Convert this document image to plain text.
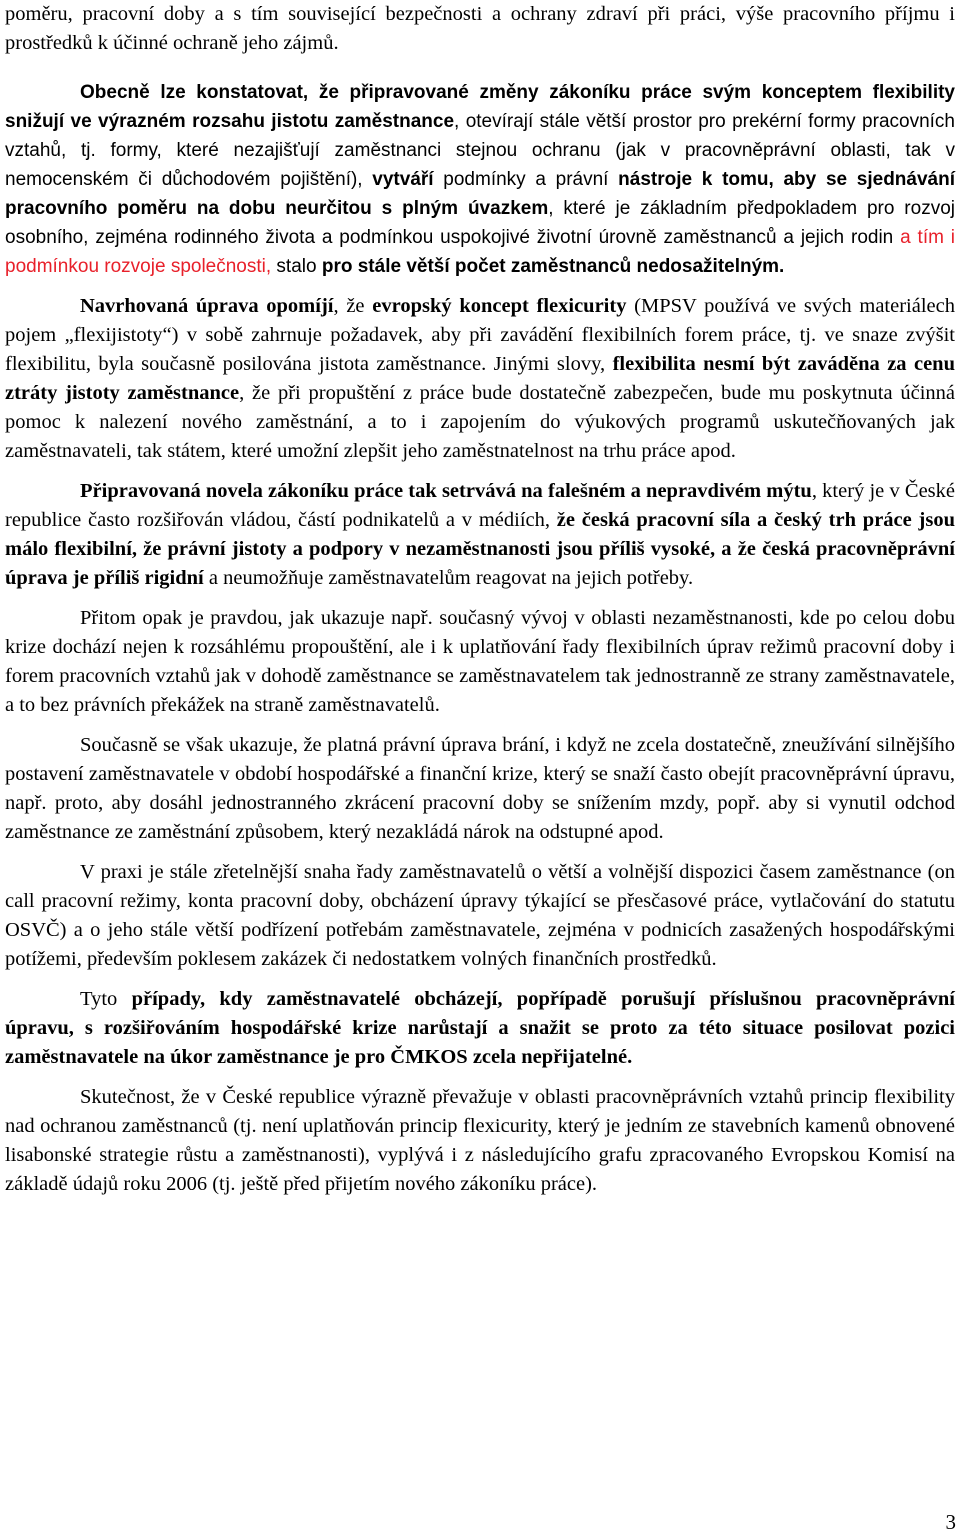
poměru, pracovní doby a s tím související bezpečnosti a ochrany zdraví při práci, výše pracovního příjmu i prostředků k účinné ochraně jeho zájmů.

Obecně lze konstatovat, že připravované změny zákoníku práce svým konceptem flexibility snižují ve výrazném rozsahu jistotu zaměstnance, otevírají stále větší prostor pro prekérní formy pracovních vztahů, tj. formy, které nezajišťují zaměstnanci stejnou ochranu (jak v pracovněprávní oblasti, tak v nemocenském či důchodovém pojištění), vytváří podmínky a právní nástroje k tomu, aby se sjednávání pracovního poměru na dobu neurčitou s plným úvazkem, které je základním předpokladem pro rozvoj osobního, zejména rodinného života a podmínkou uspokojivé životní úrovně zaměstnanců a jejich rodin a tím i podmínkou rozvoje společnosti, stalo pro stále větší počet zaměstnanců nedosažitelným.

Navrhovaná úprava opomíjí, že evropský koncept flexicurity (MPSV používá ve svých materiálech pojem „flexijistoty“) v sobě zahrnuje požadavek, aby při zavádění flexibilních forem práce, tj. ve snaze zvýšit flexibilitu, byla současně posilována jistota zaměstnance. Jinými slovy, flexibilita nesmí být zaváděna za cenu ztráty jistoty zaměstnance, že při propuštění z práce bude dostatečně zabezpečen, bude mu poskytnuta účinná pomoc k nalezení nového zaměstnání, a to i zapojením do výukových programů uskutečňovaných jak zaměstnavateli, tak státem, které umožní zlepšit jeho zaměstnatelnost na trhu práce apod.

Připravovaná novela zákoníku práce tak setrvává na falešném a nepravdivém mýtu, který je v České republice často rozšiřován vládou, částí podnikatelů a v médiích, že česká pracovní síla a český trh práce jsou málo flexibilní, že právní jistoty a podpory v nezaměstnanosti jsou příliš vysoké, a že česká pracovněprávní úprava je příliš rigidní a neumožňuje zaměstnavatelům reagovat na jejich potřeby.

Přitom opak je pravdou, jak ukazuje např. současný vývoj v oblasti nezaměstnanosti, kde po celou dobu krize dochází nejen k rozsáhlému propouštění, ale i k uplatňování řady flexibilních úprav režimů pracovní doby i forem pracovních vztahů jak v dohodě zaměstnance se zaměstnavatelem tak jednostranně ze strany zaměstnavatele, a to bez právních překážek na straně zaměstnavatelů.

Současně se však ukazuje, že platná právní úprava brání, i když ne zcela dostatečně, zneužívání silnějšího postavení zaměstnavatele v období hospodářské a finanční krize, který se snaží často obejít pracovněprávní úpravu, např. proto, aby dosáhl jednostranného zkrácení pracovní doby se snížením mzdy, popř. aby si vynutil odchod zaměstnance ze zaměstnání způsobem, který nezakládá nárok na odstupné apod.

V praxi je stále zřetelnější snaha řady zaměstnavatelů o větší a volnější dispozici časem zaměstnance (on call pracovní režimy, konta pracovní doby, obcházení úpravy týkající se přesčasové práce, vytlačování do statutu OSVČ) a o jeho stále větší podřízení potřebám zaměstnavatele, zejména v podnicích zasažených hospodářskými potížemi, především poklesem zakázek či nedostatkem volných finančních prostředků.

Tyto případy, kdy zaměstnavatelé obcházejí, popřípadě porušují příslušnou pracovněprávní úpravu, s rozšiřováním hospodářské krize narůstají a snažit se proto za této situace posilovat pozici zaměstnavatele na úkor zaměstnance je pro ČMKOS zcela nepřijatelné.

Skutečnost, že v České republice výrazně převažuje v oblasti pracovněprávních vztahů princip flexibility nad ochranou zaměstnanců (tj. není uplatňován princip flexicurity, který je jedním ze stavebních kamenů obnovené lisabonské strategie růstu a zaměstnanosti), vyplývá i z následujícího grafu zpracovaného Evropskou Komisí na základě údajů roku 2006 (tj. ještě před přijetím nového zákoníku práce).

3
